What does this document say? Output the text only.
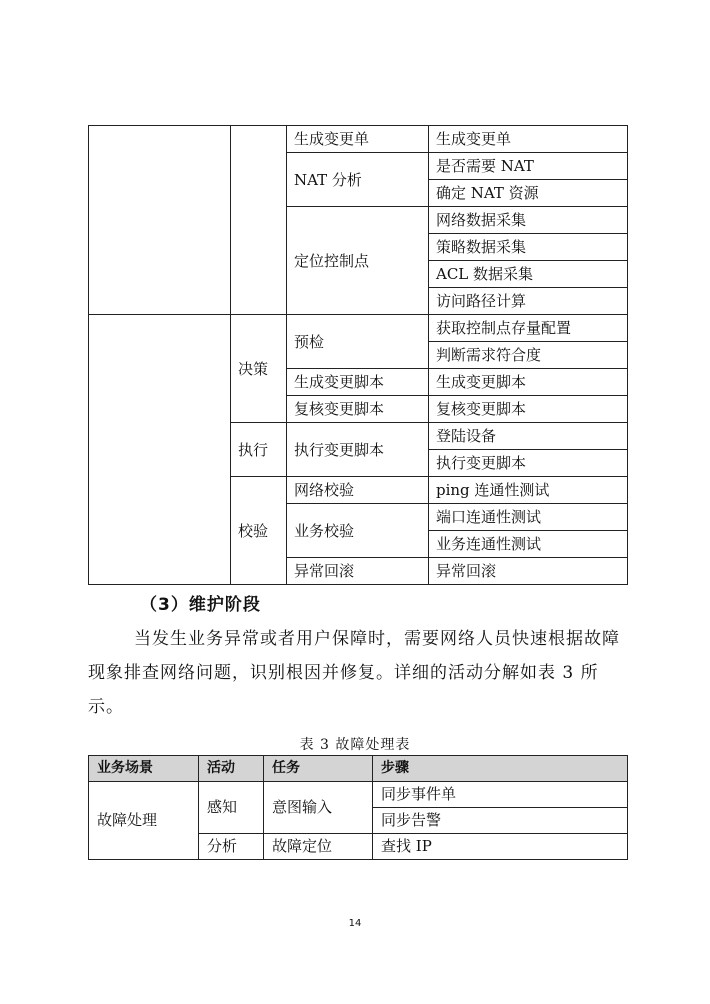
		生成变更单	生成变更单
		NAT 分析	是否需要 NAT
			确定 NAT 资源
		定位控制点	网络数据采集
			策略数据采集
			ACL 数据采集
			访问路径计算
	决策	预检	获取控制点存量配置
			判断需求符合度
		生成变更脚本	生成变更脚本
		复核变更脚本	复核变更脚本
	执行	执行变更脚本	登陆设备
			执行变更脚本
	校验	网络校验	ping 连通性测试
		业务校验	端口连通性测试
			业务连通性测试
		异常回滚	异常回滚
（3）维护阶段

当发生业务异常或者用户保障时，需要网络人员快速根据故障现象排查网络问题，识别根因并修复。详细的活动分解如表 3 所示。

表 3 故障处理表
业务场景	活动	任务	步骤
故障处理	感知	意图输入	同步事件单
			同步告警
	分析	故障定位	查找 IP
14
